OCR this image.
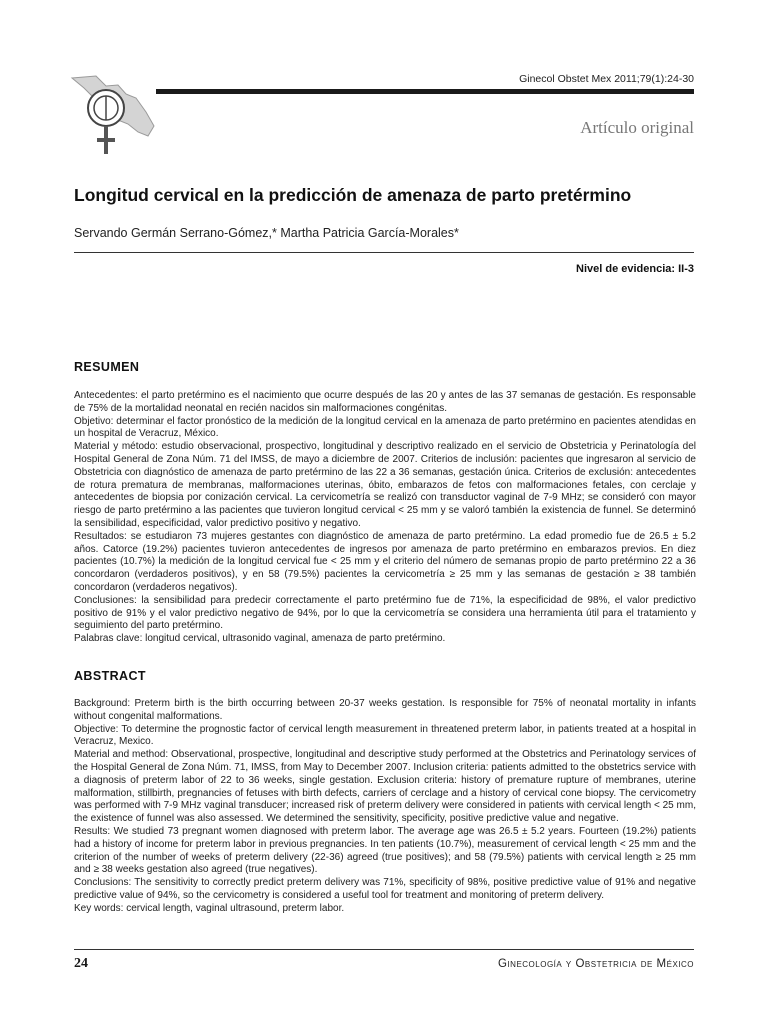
Ginecol Obstet Mex 2011;79(1):24-30
Artículo original
Longitud cervical en la predicción de amenaza de parto pretérmino
Servando Germán Serrano-Gómez,* Martha Patricia García-Morales*
Nivel de evidencia: II-3
RESUMEN

Antecedentes: el parto pretérmino es el nacimiento que ocurre después de las 20 y antes de las 37 semanas de gestación. Es responsable de 75% de la mortalidad neonatal en recién nacidos sin malformaciones congénitas.

Objetivo: determinar el factor pronóstico de la medición de la longitud cervical en la amenaza de parto pretérmino en pacientes atendidas en un hospital de Veracruz, México.

Material y método: estudio observacional, prospectivo, longitudinal y descriptivo realizado en el servicio de Obstetricia y Perinatología del Hospital General de Zona Núm. 71 del IMSS, de mayo a diciembre de 2007. Criterios de inclusión: pacientes que ingresaron al servicio de Obstetricia con diagnóstico de amenaza de parto pretérmino de las 22 a 36 semanas, gestación única. Criterios de exclusión: antecedentes de rotura prematura de membranas, malformaciones uterinas, óbito, embarazos de fetos con malformaciones fetales, con cerclaje y antecedentes de biopsia por conización cervical. La cervicometría se realizó con transductor vaginal de 7-9 MHz; se consideró con mayor riesgo de parto pretérmino a las pacientes que tuvieron longitud cervical < 25 mm y se valoró también la existencia de funnel. Se determinó la sensibilidad, especificidad, valor predictivo positivo y negativo.

Resultados: se estudiaron 73 mujeres gestantes con diagnóstico de amenaza de parto pretérmino. La edad promedio fue de 26.5 ± 5.2 años. Catorce (19.2%) pacientes tuvieron antecedentes de ingresos por amenaza de parto pretérmino en embarazos previos. En diez pacientes (10.7%) la medición de la longitud cervical fue < 25 mm y el criterio del número de semanas propio de parto pretérmino 22 a 36 concordaron (verdaderos positivos), y en 58 (79.5%) pacientes la cervicometría ≥ 25 mm y las semanas de gestación ≥ 38 también concordaron (verdaderos negativos).

Conclusiones: la sensibilidad para predecir correctamente el parto pretérmino fue de 71%, la especificidad de 98%, el valor predictivo positivo de 91% y el valor predictivo negativo de 94%, por lo que la cervicometría se considera una herramienta útil para el tratamiento y seguimiento del parto pretérmino.

Palabras clave: longitud cervical, ultrasonido vaginal, amenaza de parto pretérmino.

ABSTRACT

Background: Preterm birth is the birth occurring between 20-37 weeks gestation. Is responsible for 75% of neonatal mortality in infants without congenital malformations.

Objective: To determine the prognostic factor of cervical length measurement in threatened preterm labor, in patients treated at a hospital in Veracruz, Mexico.

Material and method: Observational, prospective, longitudinal and descriptive study performed at the Obstetrics and Perinatology services of the Hospital General de Zona Núm. 71, IMSS, from May to December 2007. Inclusion criteria: patients admitted to the obstetrics service with a diagnosis of preterm labor of 22 to 36 weeks, single gestation. Exclusion criteria: history of premature rupture of membranes, uterine malformation, stillbirth, pregnancies of fetuses with birth defects, carriers of cerclage and a history of cervical cone biopsy. The cervicometry was performed with 7-9 MHz vaginal transducer; increased risk of preterm delivery were considered in patients with cervical length < 25 mm, the existence of funnel was also assessed. We determined the sensitivity, specificity, positive predictive value and negative.

Results: We studied 73 pregnant women diagnosed with preterm labor. The average age was 26.5 ± 5.2 years. Fourteen (19.2%) patients had a history of income for preterm labor in previous pregnancies. In ten patients (10.7%), measurement of cervical length < 25 mm and the criterion of the number of weeks of preterm delivery (22-36) agreed (true positives); and 58 (79.5%) patients with cervical length ≥ 25 mm and ≥ 38 weeks gestation also agreed (true negatives).

Conclusions: The sensitivity to correctly predict preterm delivery was 71%, specificity of 98%, positive predictive value of 91% and negative predictive value of 94%, so the cervicometry is considered a useful tool for treatment and monitoring of preterm delivery.

Key words: cervical length, vaginal ultrasound, preterm labor.

24	Ginecología y Obstetricia de México
